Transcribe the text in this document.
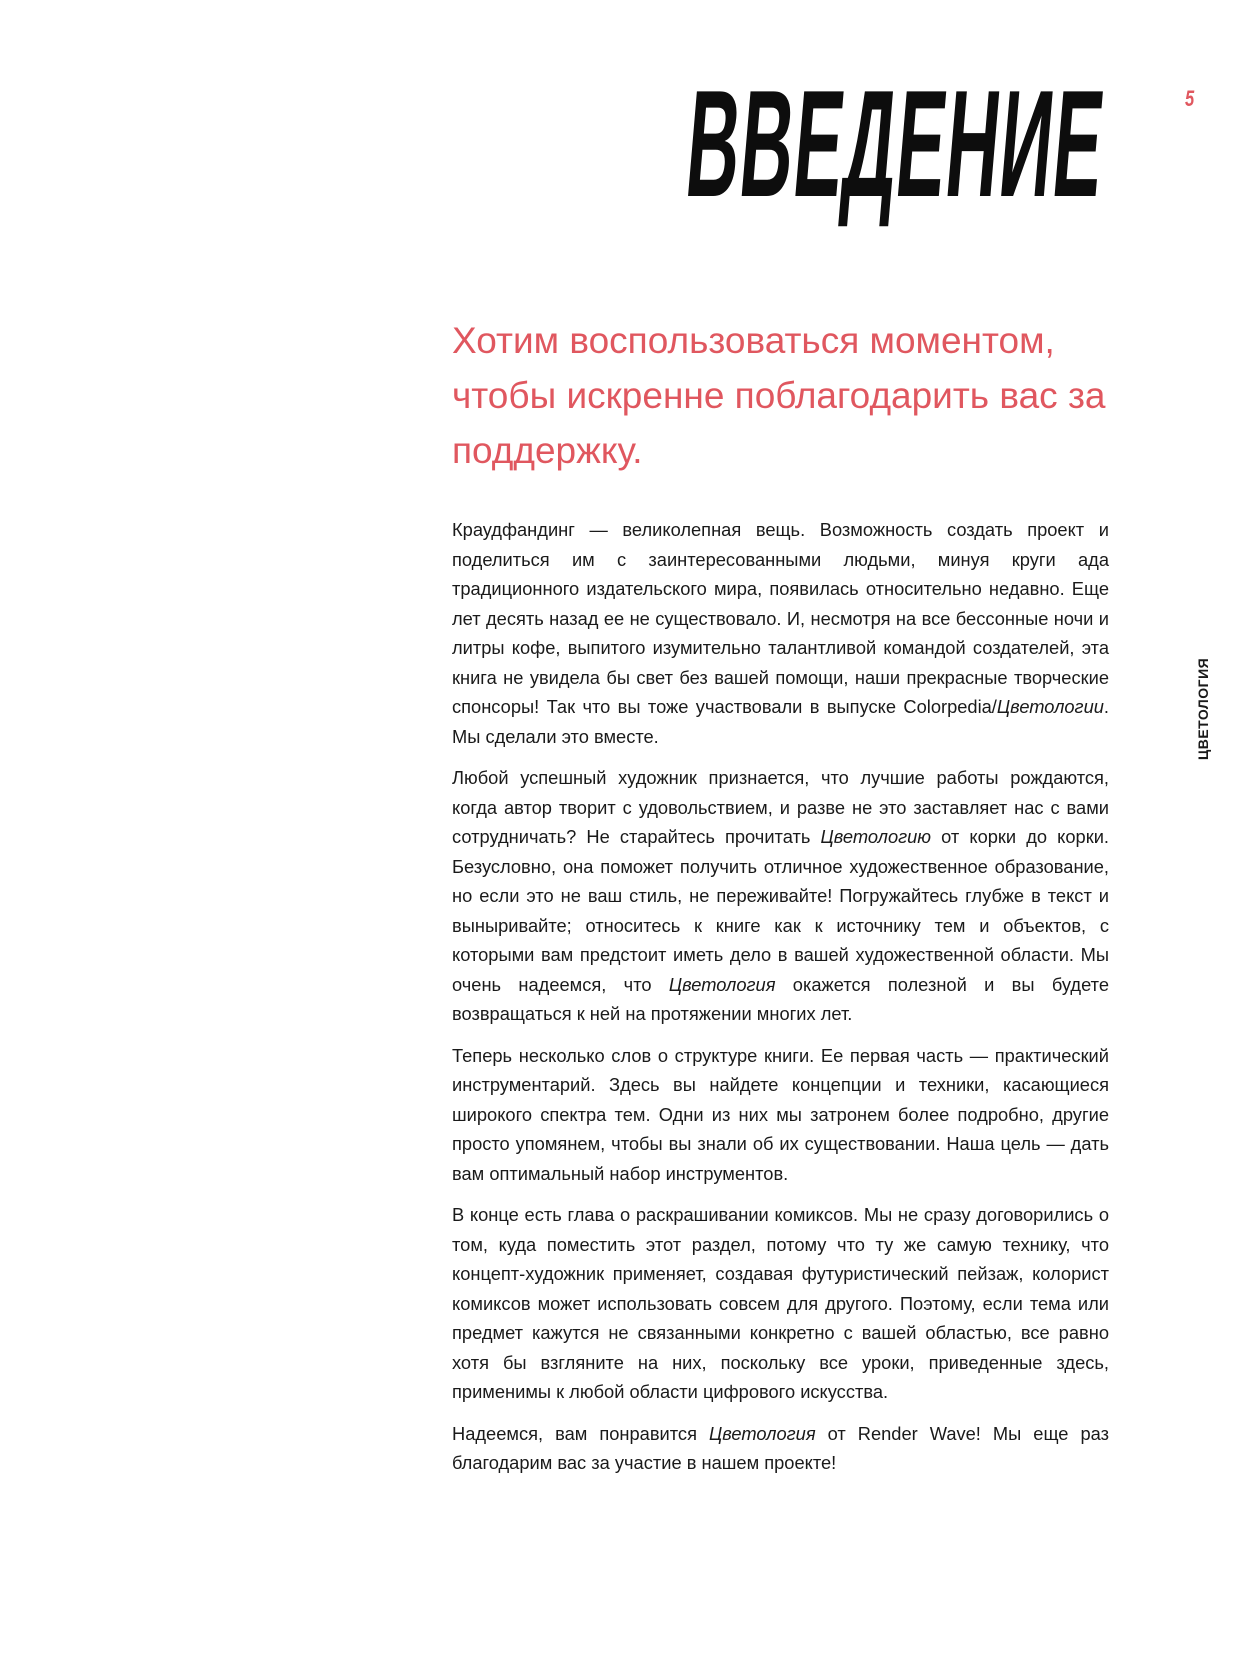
ВВЕДЕНИЕ	5
ЦВЕТОЛОГИЯ

Хотим воспользоваться моментом, чтобы искренне поблагодарить вас за поддержку.

Краудфандинг — великолепная вещь. Возможность создать проект и поделиться им с заинтересованными людьми, минуя круги ада традиционного издательского мира, появилась относительно недавно. Еще лет десять назад ее не существовало. И, несмотря на все бессонные ночи и литры кофе, выпитого изумительно талантливой командой создателей, эта книга не увидела бы свет без вашей помощи, наши прекрасные творческие спонсоры! Так что вы тоже участвовали в выпуске Colorpedia/Цветологии. Мы сделали это вместе.

Любой успешный художник признается, что лучшие работы рождаются, когда автор творит с удовольствием, и разве не это заставляет нас с вами сотрудничать? Не старайтесь прочитать Цветологию от корки до корки. Безусловно, она поможет получить отличное художественное образование, но если это не ваш стиль, не переживайте! Погружайтесь глубже в текст и выныривайте; относитесь к книге как к источнику тем и объектов, с которыми вам предстоит иметь дело в вашей художественной области. Мы очень надеемся, что Цветология окажется полезной и вы будете возвращаться к ней на протяжении многих лет.

Теперь несколько слов о структуре книги. Ее первая часть — практический инструментарий. Здесь вы найдете концепции и техники, касающиеся широкого спектра тем. Одни из них мы затронем более подробно, другие просто упомянем, чтобы вы знали об их существовании. Наша цель — дать вам оптимальный набор инструментов.

В конце есть глава о раскрашивании комиксов. Мы не сразу договорились о том, куда поместить этот раздел, потому что ту же самую технику, что концепт-художник применяет, создавая футуристический пейзаж, колорист комиксов может использовать совсем для другого. Поэтому, если тема или предмет кажутся не связанными конкретно с вашей областью, все равно хотя бы взгляните на них, поскольку все уроки, приведенные здесь, применимы к любой области цифрового искусства.

Надеемся, вам понравится Цветология от Render Wave! Мы еще раз благодарим вас за участие в нашем проекте!
